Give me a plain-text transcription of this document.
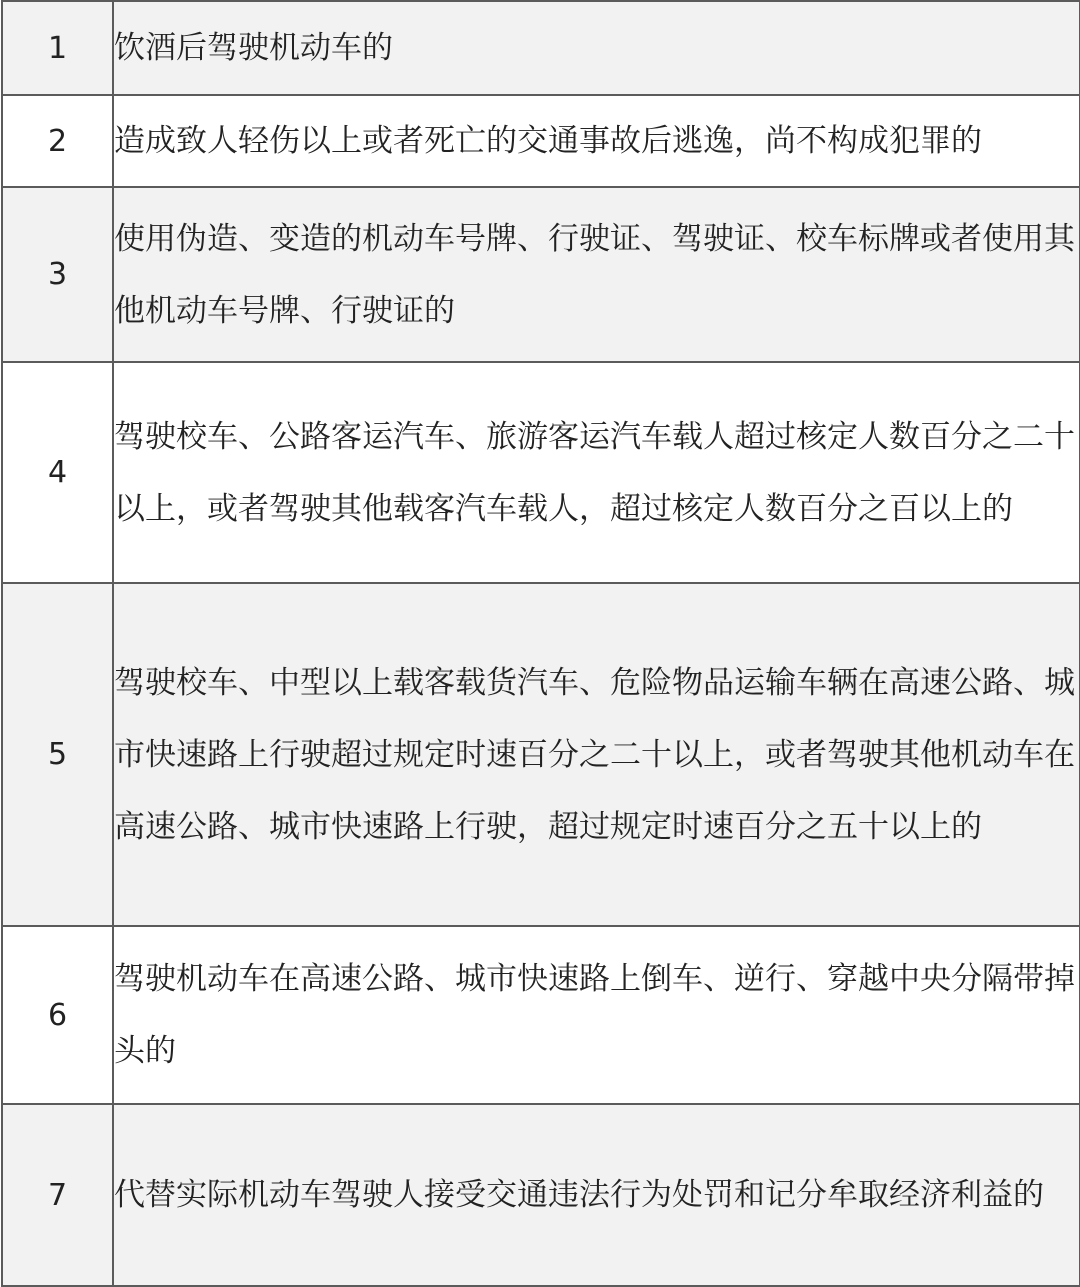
1	饮酒后驾驶机动车的
2	造成致人轻伤以上或者死亡的交通事故后逃逸，尚不构成犯罪的
3	使用伪造、变造的机动车号牌、行驶证、驾驶证、校车标牌或者使用其他机动车号牌、行驶证的
4	驾驶校车、公路客运汽车、旅游客运汽车载人超过核定人数百分之二十以上，或者驾驶其他载客汽车载人，超过核定人数百分之百以上的
5	驾驶校车、中型以上载客载货汽车、危险物品运输车辆在高速公路、城市快速路上行驶超过规定时速百分之二十以上，或者驾驶其他机动车在高速公路、城市快速路上行驶，超过规定时速百分之五十以上的
6	驾驶机动车在高速公路、城市快速路上倒车、逆行、穿越中央分隔带掉头的
7	代替实际机动车驾驶人接受交通违法行为处罚和记分牟取经济利益的
